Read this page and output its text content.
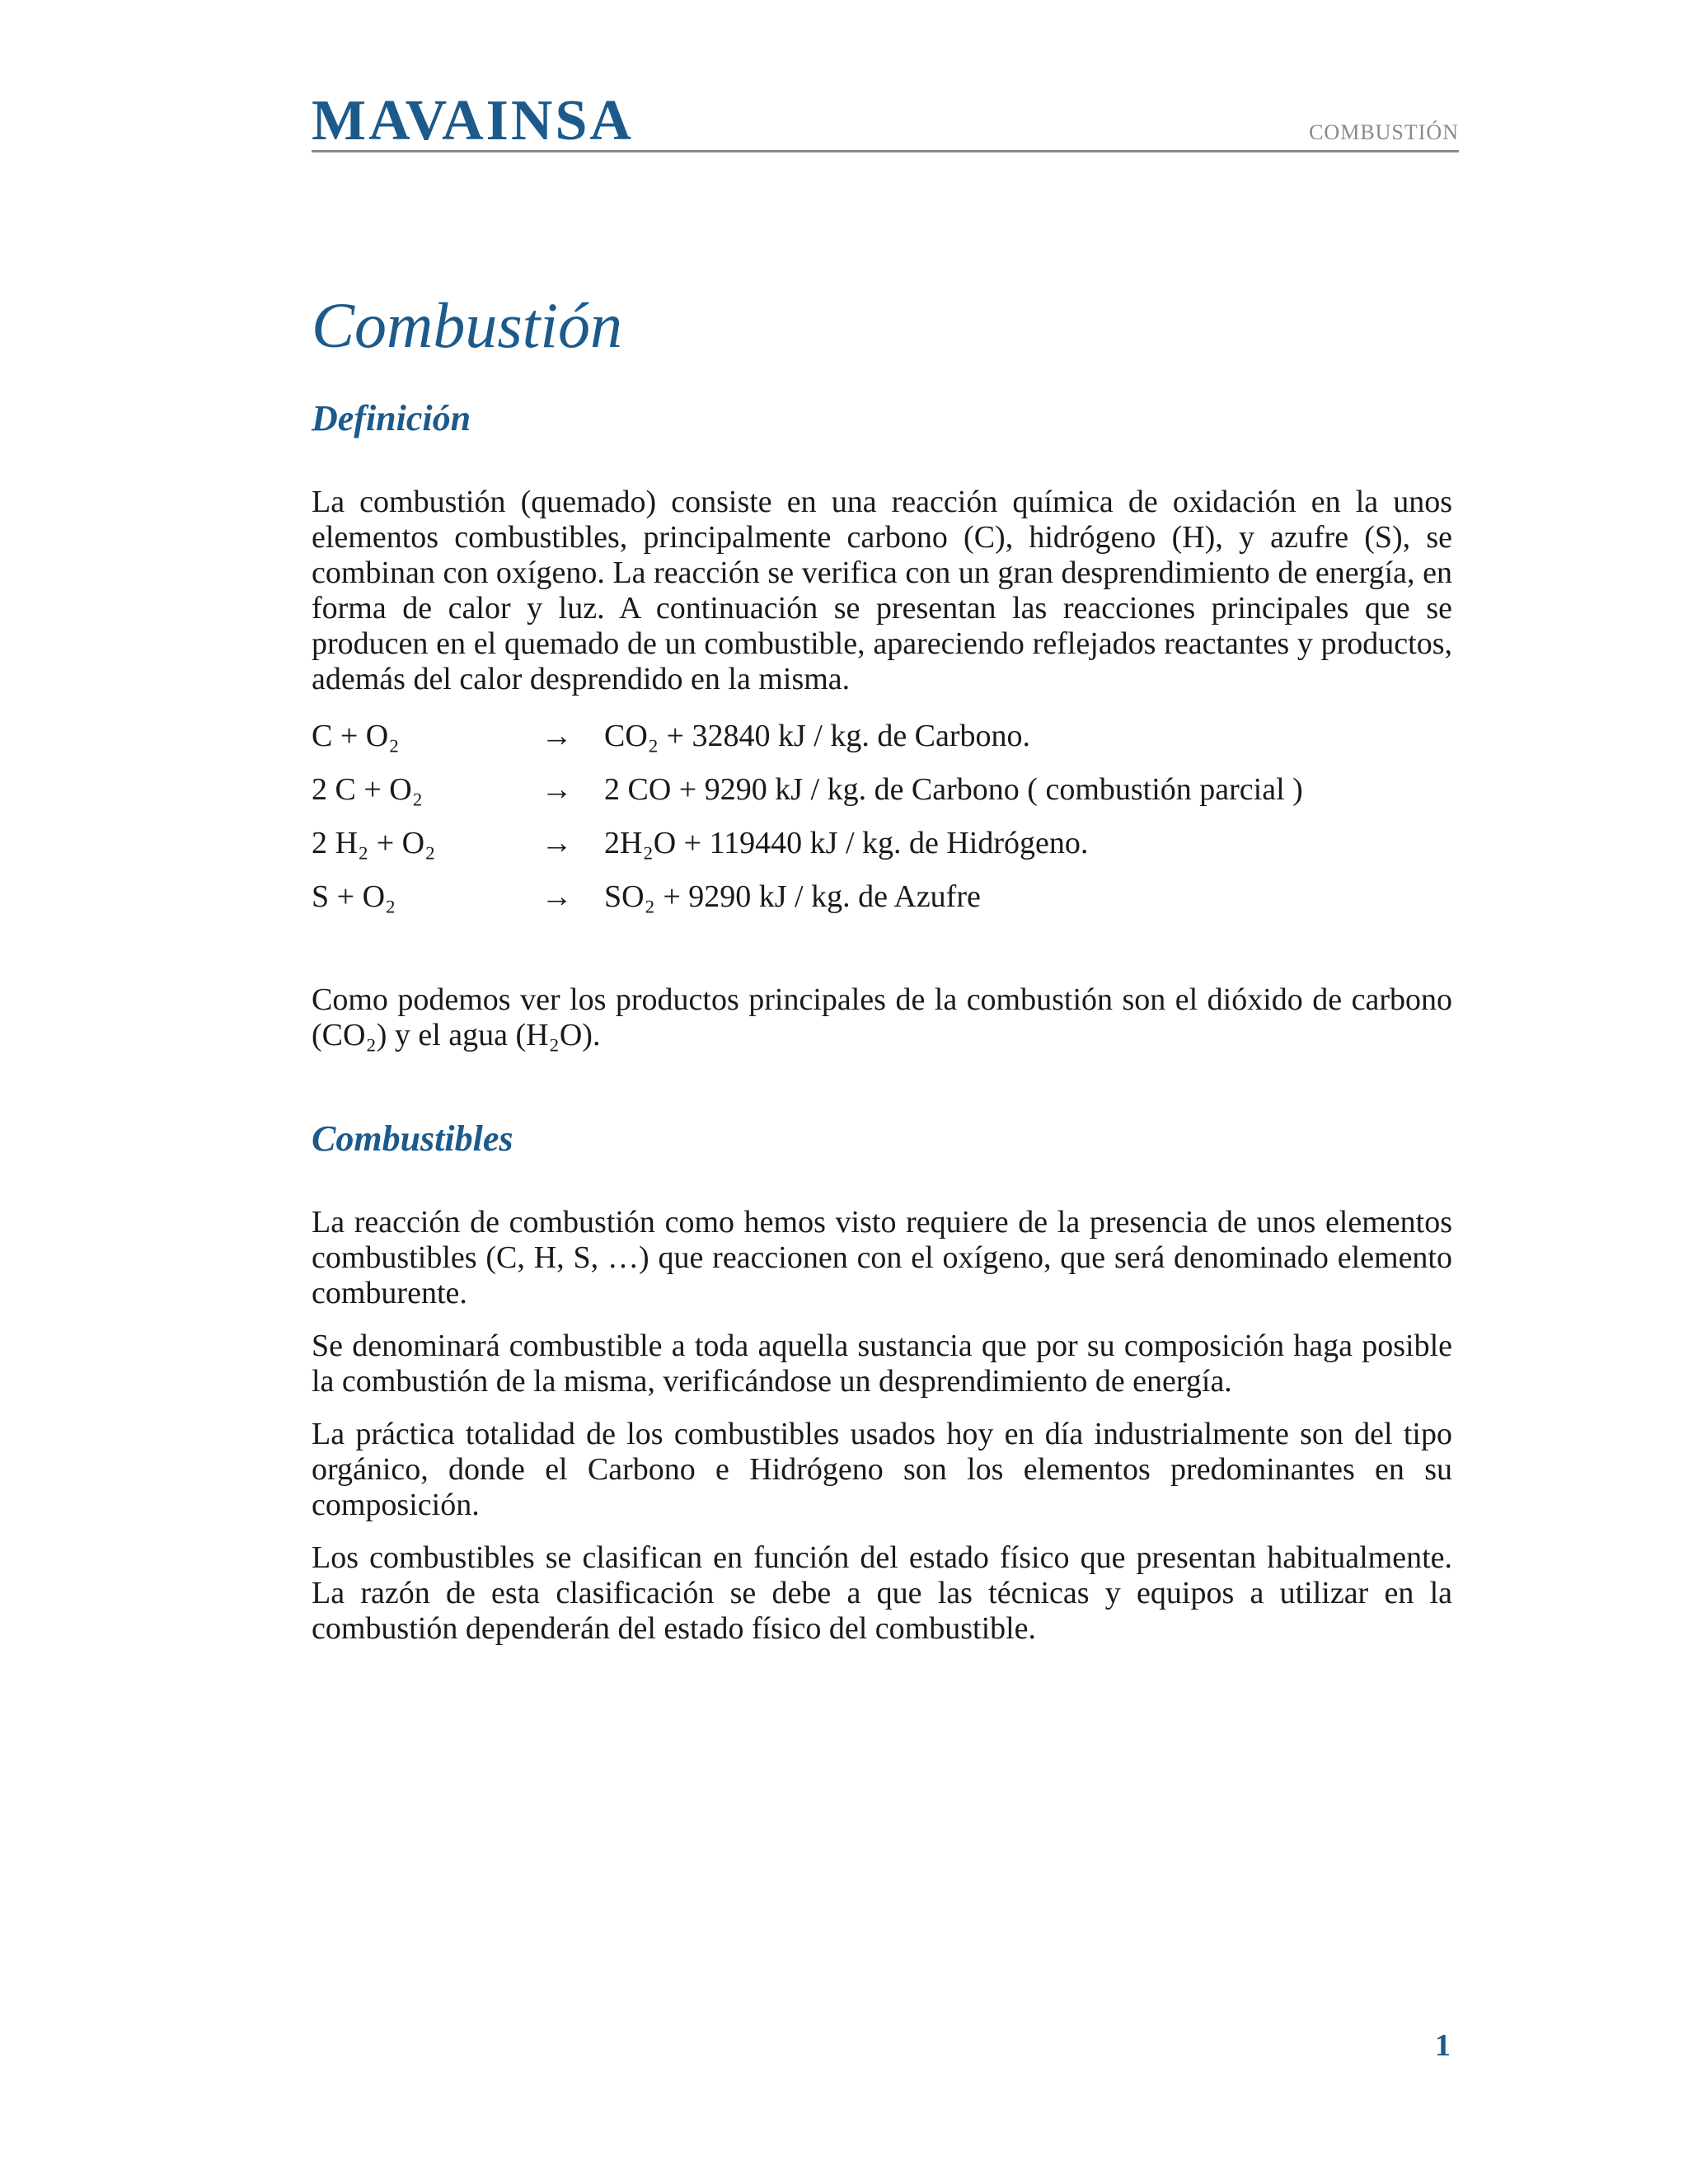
MAVAINSA	COMBUSTIÓN
Combustión
Definición

La combustión (quemado) consiste en una reacción química de oxidación en la unos elementos combustibles, principalmente carbono (C), hidrógeno (H), y azufre (S), se combinan con oxígeno. La reacción se verifica con un gran desprendimiento de energía, en forma de calor y luz. A continuación se presentan las reacciones principales que se producen en el quemado de un combustible, apareciendo reflejados reactantes y productos, además del calor desprendido en la misma.

C + O₂	→	CO₂ + 32840 kJ / kg. de Carbono.
2 C + O₂	→	2 CO + 9290 kJ / kg. de Carbono ( combustión parcial )
2 H₂ + O₂	→	2H₂O + 119440 kJ / kg. de Hidrógeno.
S + O₂	→	SO₂ + 9290 kJ / kg. de Azufre

Como podemos ver los productos principales de la combustión son el dióxido de carbono (CO₂) y el agua (H₂O).

Combustibles

La reacción de combustión como hemos visto requiere de la presencia de unos elementos combustibles (C, H, S, …) que reaccionen con el oxígeno, que será denominado elemento comburente.

Se denominará combustible a toda aquella sustancia que por su composición haga posible la combustión de la misma, verificándose un desprendimiento de energía.

La práctica totalidad de los combustibles usados hoy en día industrialmente son del tipo orgánico, donde el Carbono e Hidrógeno son los elementos predominantes en su composición.

Los combustibles se clasifican en función del estado físico que presentan habitualmente. La razón de esta clasificación se debe a que las técnicas y equipos a utilizar en la combustión dependerán del estado físico del combustible.

1
